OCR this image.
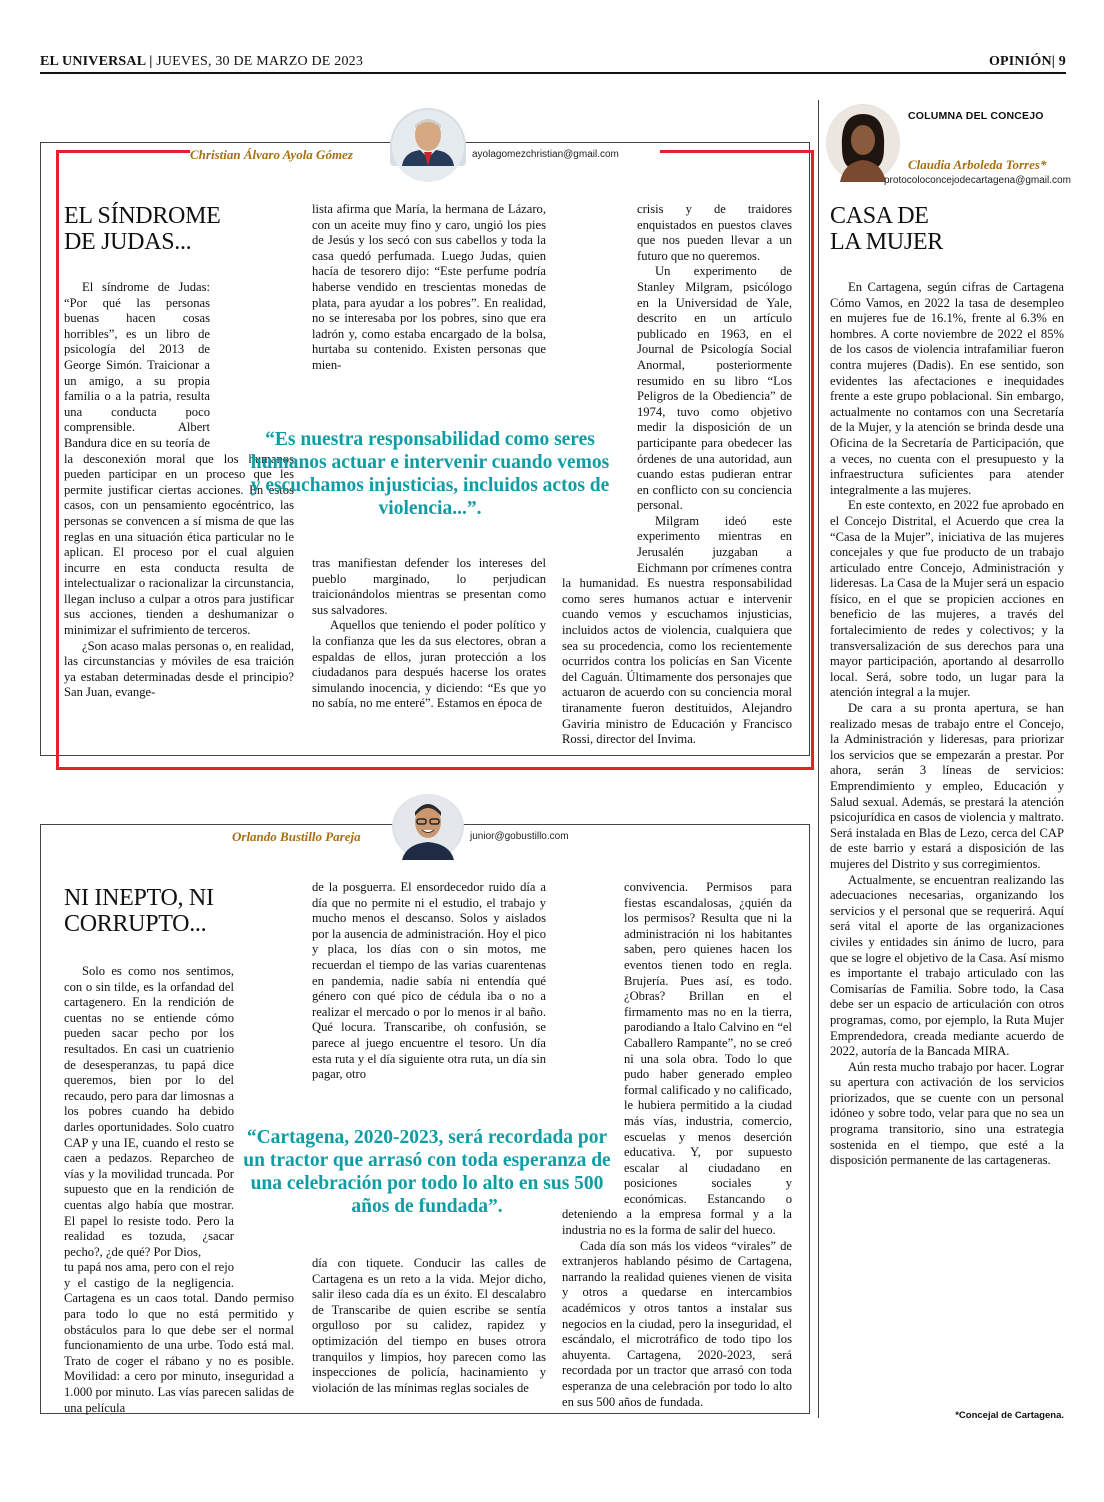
EL UNIVERSAL | JUEVES, 30 DE MARZO DE 2023	OPINIÓN| 9
Christian Álvaro Ayola Gómez	ayolagomezchristian@gmail.com
EL SÍNDROME
DE JUDAS...

El síndrome de Judas: “Por qué las personas buenas hacen cosas horribles”, es un libro de psicología del 2013 de George Simón. Traicionar a un amigo, a su propia familia o a la patria, resulta una conducta poco comprensible. Albert Bandura dice en su teoría de la desconexión moral que los humanos pueden participar en un proceso que les permite justificar ciertas acciones. En estos casos, con un pensamiento egocéntrico, las personas se convencen a sí misma de que las reglas en una situación ética particular no le aplican. El proceso por el cual alguien incurre en esta conducta resulta de intelectualizar o racionalizar la circunstancia, llegan incluso a culpar a otros para justificar sus acciones, tienden a deshumanizar o minimizar el sufrimiento de terceros.

¿Son acaso malas personas o, en realidad, las circunstancias y móviles de esa traición ya estaban determinadas desde el principio? San Juan, evange-

lista afirma que María, la hermana de Lázaro, con un aceite muy fino y caro, ungió los pies de Jesús y los secó con sus cabellos y toda la casa quedó perfumada. Luego Judas, quien hacía de tesorero dijo: “Este perfume podría haberse vendido en trescientas monedas de plata, para ayudar a los pobres”. En realidad, no se interesaba por los pobres, sino que era ladrón y, como estaba encargado de la bolsa, hurtaba su contenido. Existen personas que mien-

tras manifiestan defender los intereses del pueblo marginado, lo perjudican traicionándolos mientras se presentan como sus salvadores.

Aquellos que teniendo el poder político y la confianza que les da sus electores, obran a espaldas de ellos, juran protección a los ciudadanos para después hacerse los orates simulando inocencia, y diciendo: “Es que yo no sabía, no me enteré”. Estamos en época de

crisis y de traidores enquistados en puestos claves que nos pueden llevar a un futuro que no queremos.

Un experimento de Stanley Milgram, psicólogo en la Universidad de Yale, descrito en un artículo publicado en 1963, en el Journal de Psicología Social Anormal, posteriormente resumido en su libro “Los Peligros de la Obediencia” de 1974, tuvo como objetivo medir la disposición de un participante para obedecer las órdenes de una autoridad, aun cuando estas pudieran entrar en conflicto con su conciencia personal.

Milgram ideó este experimento mientras en Jerusalén juzgaban a Eichmann por crímenes contra la humanidad. Es nuestra responsabilidad como seres humanos actuar e intervenir cuando vemos y escuchamos injusticias, incluidos actos de violencia, cualquiera que sea su procedencia, como los recientemente ocurridos contra los policías en San Vicente del Caguán. Últimamente dos personajes que actuaron de acuerdo con su conciencia moral tiranamente fueron destituidos, Alejandro Gaviria ministro de Educación y Francisco Rossi, director del Invima.

“Es nuestra responsabilidad como seres humanos actuar e intervenir cuando vemos y escuchamos injusticias, incluidos actos de violencia...”.
Orlando Bustillo Pareja	junior@gobustillo.com
NI INEPTO, NI
CORRUPTO...

Solo es como nos sentimos, con o sin tilde, es la orfandad del cartagenero. En la rendición de cuentas no se entiende cómo pueden sacar pecho por los resultados. En casi un cuatrienio de desesperanzas, tu papá dice queremos, bien por lo del recaudo, pero para dar limosnas a los pobres cuando ha debido darles oportunidades. Solo cuatro CAP y una IE, cuando el resto se caen a pedazos. Reparcheo de vías y la movilidad truncada. Por supuesto que en la rendición de cuentas algo había que mostrar. El papel lo resiste todo. Pero la realidad es tozuda, ¿sacar pecho?, ¿de qué? Por Dios,

tu papá nos ama, pero con el rejo y el castigo de la negligencia. Cartagena es un caos total. Dando permiso para todo lo que no está permitido y obstáculos para lo que debe ser el normal funcionamiento de una urbe. Todo está mal. Trato de coger el rábano y no es posible. Movilidad: a cero por minuto, inseguridad a 1.000 por minuto. Las vías parecen salidas de una película

de la posguerra. El ensordecedor ruido día a día que no permite ni el estudio, el trabajo y mucho menos el descanso. Solos y aislados por la ausencia de administración. Hoy el pico y placa, los días con o sin motos, me recuerdan el tiempo de las varias cuarentenas en pandemia, nadie sabía ni entendía qué género con qué pico de cédula iba o no a realizar el mercado o por lo menos ir al baño. Qué locura. Transcaribe, oh confusión, se parece al juego encuentre el tesoro. Un día esta ruta y el día siguiente otra ruta, un día sin pagar, otro

día con tiquete. Conducir las calles de Cartagena es un reto a la vida. Mejor dicho, salir ileso cada día es un éxito. El descalabro de Transcaribe de quien escribe se sentía orgulloso por su calidez, rapidez y optimización del tiempo en buses otrora tranquilos y limpios, hoy parecen como las inspecciones de policía, hacinamiento y violación de las mínimas reglas sociales de

convivencia. Permisos para fiestas escandalosas, ¿quién da los permisos? Resulta que ni la administración ni los habitantes saben, pero quienes hacen los eventos tienen todo en regla. Brujería. Pues así, es todo. ¿Obras? Brillan en el firmamento mas no en la tierra, parodiando a Italo Calvino en “el Caballero Rampante”, no se creó ni una sola obra. Todo lo que pudo haber generado empleo formal calificado y no calificado, le hubiera permitido a la ciudad más vías, industria, comercio, escuelas y menos deserción educativa. Y, por supuesto escalar al ciudadano en posiciones sociales y económicas. Estancando o deteniendo a la empresa formal y a la industria no es la forma de salir del hueco.

Cada día son más los videos “virales” de extranjeros hablando pésimo de Cartagena, narrando la realidad quienes vienen de visita y otros a quedarse en intercambios académicos y otros tantos a instalar sus negocios en la ciudad, pero la inseguridad, el escándalo, el microtráfico de todo tipo los ahuyenta. Cartagena, 2020-2023, será recordada por un tractor que arrasó con toda esperanza de una celebración por todo lo alto en sus 500 años de fundada.

“Cartagena, 2020-2023, será recordada por un tractor que arrasó con toda esperanza de una celebración por todo lo alto en sus 500 años de fundada”.
COLUMNA DEL CONCEJO
Claudia Arboleda Torres*
protocoloconcejodecartagena@gmail.com
CASA DE
LA MUJER

En Cartagena, según cifras de Cartagena Cómo Vamos, en 2022 la tasa de desempleo en mujeres fue de 16.1%, frente al 6.3% en hombres. A corte noviembre de 2022 el 85% de los casos de violencia intrafamiliar fueron contra mujeres (Dadis). En ese sentido, son evidentes las afectaciones e inequidades frente a este grupo poblacional. Sin embargo, actualmente no contamos con una Secretaría de la Mujer, y la atención se brinda desde una Oficina de la Secretaría de Participación, que a veces, no cuenta con el presupuesto y la infraestructura suficientes para atender integralmente a las mujeres.

En este contexto, en 2022 fue aprobado en el Concejo Distrital, el Acuerdo que crea la “Casa de la Mujer”, iniciativa de las mujeres concejales y que fue producto de un trabajo articulado entre Concejo, Administración y lideresas. La Casa de la Mujer será un espacio físico, en el que se propicien acciones en beneficio de las mujeres, a través del fortalecimiento de redes y colectivos; y la transversalización de sus derechos para una mayor participación, aportando al desarrollo local. Será, sobre todo, un lugar para la atención integral a la mujer.

De cara a su pronta apertura, se han realizado mesas de trabajo entre el Concejo, la Administración y lideresas, para priorizar los servicios que se empezarán a prestar. Por ahora, serán 3 líneas de servicios: Emprendimiento y empleo, Educación y Salud sexual. Además, se prestará la atención psicojurídica en casos de violencia y maltrato. Será instalada en Blas de Lezo, cerca del CAP de este barrio y estará a disposición de las mujeres del Distrito y sus corregimientos.

Actualmente, se encuentran realizando las adecuaciones necesarias, organizando los servicios y el personal que se requerirá. Aquí será vital el aporte de las organizaciones civiles y entidades sin ánimo de lucro, para que se logre el objetivo de la Casa. Así mismo es importante el trabajo articulado con las Comisarías de Familia. Sobre todo, la Casa debe ser un espacio de articulación con otros programas, como, por ejemplo, la Ruta Mujer Emprendedora, creada mediante acuerdo de 2022, autoría de la Bancada MIRA.

Aún resta mucho trabajo por hacer. Lograr su apertura con activación de los servicios priorizados, que se cuente con un personal idóneo y sobre todo, velar para que no sea un programa transitorio, sino una estrategia sostenida en el tiempo, que esté a la disposición permanente de las cartageneras.

*Concejal de Cartagena.
